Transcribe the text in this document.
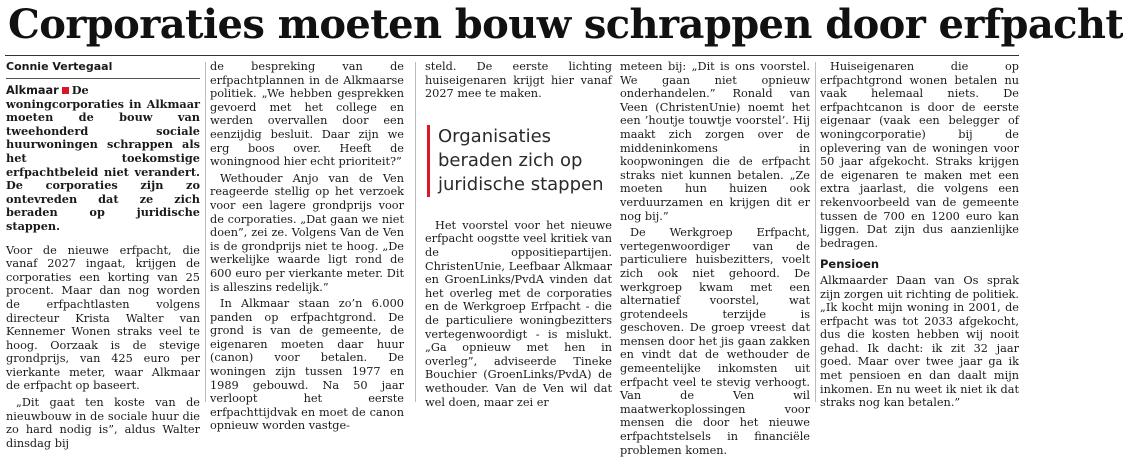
Corporaties moeten bouw schrappen door erfpacht
Connie Vertegaal

Alkmaar De woningcorporaties in Alkmaar moeten de bouw van tweehonderd sociale huurwoningen schrappen als het toekomstige erfpachtbeleid niet verandert. De corporaties zijn zo ontevreden dat ze zich beraden op juridische stappen.

Voor de nieuwe erfpacht, die vanaf 2027 ingaat, krijgen de corporaties een korting van 25 procent. Maar dan nog worden de erfpachtlasten volgens directeur Krista Walter van Kennemer Wonen straks veel te hoog. Oorzaak is de stevige grondprijs, van 425 euro per vierkante meter, waar Alkmaar de erfpacht op baseert.

„Dit gaat ten koste van de nieuwbouw in de sociale huur die zo hard nodig is”, aldus Walter dinsdag bij

de bespreking van de erfpachtplannen in de Alkmaarse politiek. „We hebben gesprekken gevoerd met het college en werden overvallen door een eenzijdig besluit. Daar zijn we erg boos over. Heeft de woningnood hier echt prioriteit?”

Wethouder Anjo van de Ven reageerde stellig op het verzoek voor een lagere grondprijs voor de corporaties. „Dat gaan we niet doen”, zei ze. Volgens Van de Ven is de grondprijs niet te hoog. „De werkelijke waarde ligt rond de 600 euro per vierkante meter. Dit is alleszins redelijk.”

In Alkmaar staan zo’n 6.000 panden op erfpachtgrond. De grond is van de gemeente, de eigenaren moeten daar huur (canon) voor betalen. De woningen zijn tussen 1977 en 1989 gebouwd. Na 50 jaar verloopt het eerste erfpachttijdvak en moet de canon opnieuw worden vastge-

steld. De eerste lichting huiseigenaren krijgt hier vanaf 2027 mee te maken.

Organisaties beraden zich op juridische stappen

Het voorstel voor het nieuwe erfpacht oogstte veel kritiek van de oppositiepartijen. ChristenUnie, Leefbaar Alkmaar en GroenLinks/PvdA vinden dat het overleg met de corporaties en de Werkgroep Erfpacht - die de particuliere woningbezitters vertegenwoordigt - is mislukt. „Ga opnieuw met hen in overleg”, adviseerde Tineke Bouchier (GroenLinks/PvdA) de wethouder. Van de Ven wil dat wel doen, maar zei er

meteen bij: „Dit is ons voorstel. We gaan niet opnieuw onderhandelen.” Ronald van Veen (ChristenUnie) noemt het een ’houtje touwtje voorstel’. Hij maakt zich zorgen over de middeninkomens in koopwoningen die de erfpacht straks niet kunnen betalen. „Ze moeten hun huizen ook verduurzamen en krijgen dit er nog bij.”

De Werkgroep Erfpacht, vertegenwoordiger van de particuliere huisbezitters, voelt zich ook niet gehoord. De werkgroep kwam met een alternatief voorstel, wat grotendeels terzijde is geschoven. De groep vreest dat mensen door het jis gaan zakken en vindt dat de wethouder de gemeentelijke inkomsten uit erfpacht veel te stevig verhoogt. Van de Ven wil maatwerkoplossingen voor mensen die door het nieuwe erfpachtstelsels in financiële problemen komen.

Huiseigenaren die op erfpachtgrond wonen betalen nu vaak helemaal niets. De erfpachtcanon is door de eerste eigenaar (vaak een belegger of woningcorporatie) bij de oplevering van de woningen voor 50 jaar afgekocht. Straks krijgen de eigenaren te maken met een extra jaarlast, die volgens een rekenvoorbeeld van de gemeente tussen de 700 en 1200 euro kan liggen. Dat zijn dus aanzienlijke bedragen.

Pensioen

Alkmaarder Daan van Os sprak zijn zorgen uit richting de politiek. „Ik kocht mijn woning in 2001, de erfpacht was tot 2033 afgekocht, dus die kosten hebben wij nooit gehad. Ik dacht: ik zit 32 jaar goed. Maar over twee jaar ga ik met pensioen en dan daalt mijn inkomen. En nu weet ik niet ik dat straks nog kan betalen.”
